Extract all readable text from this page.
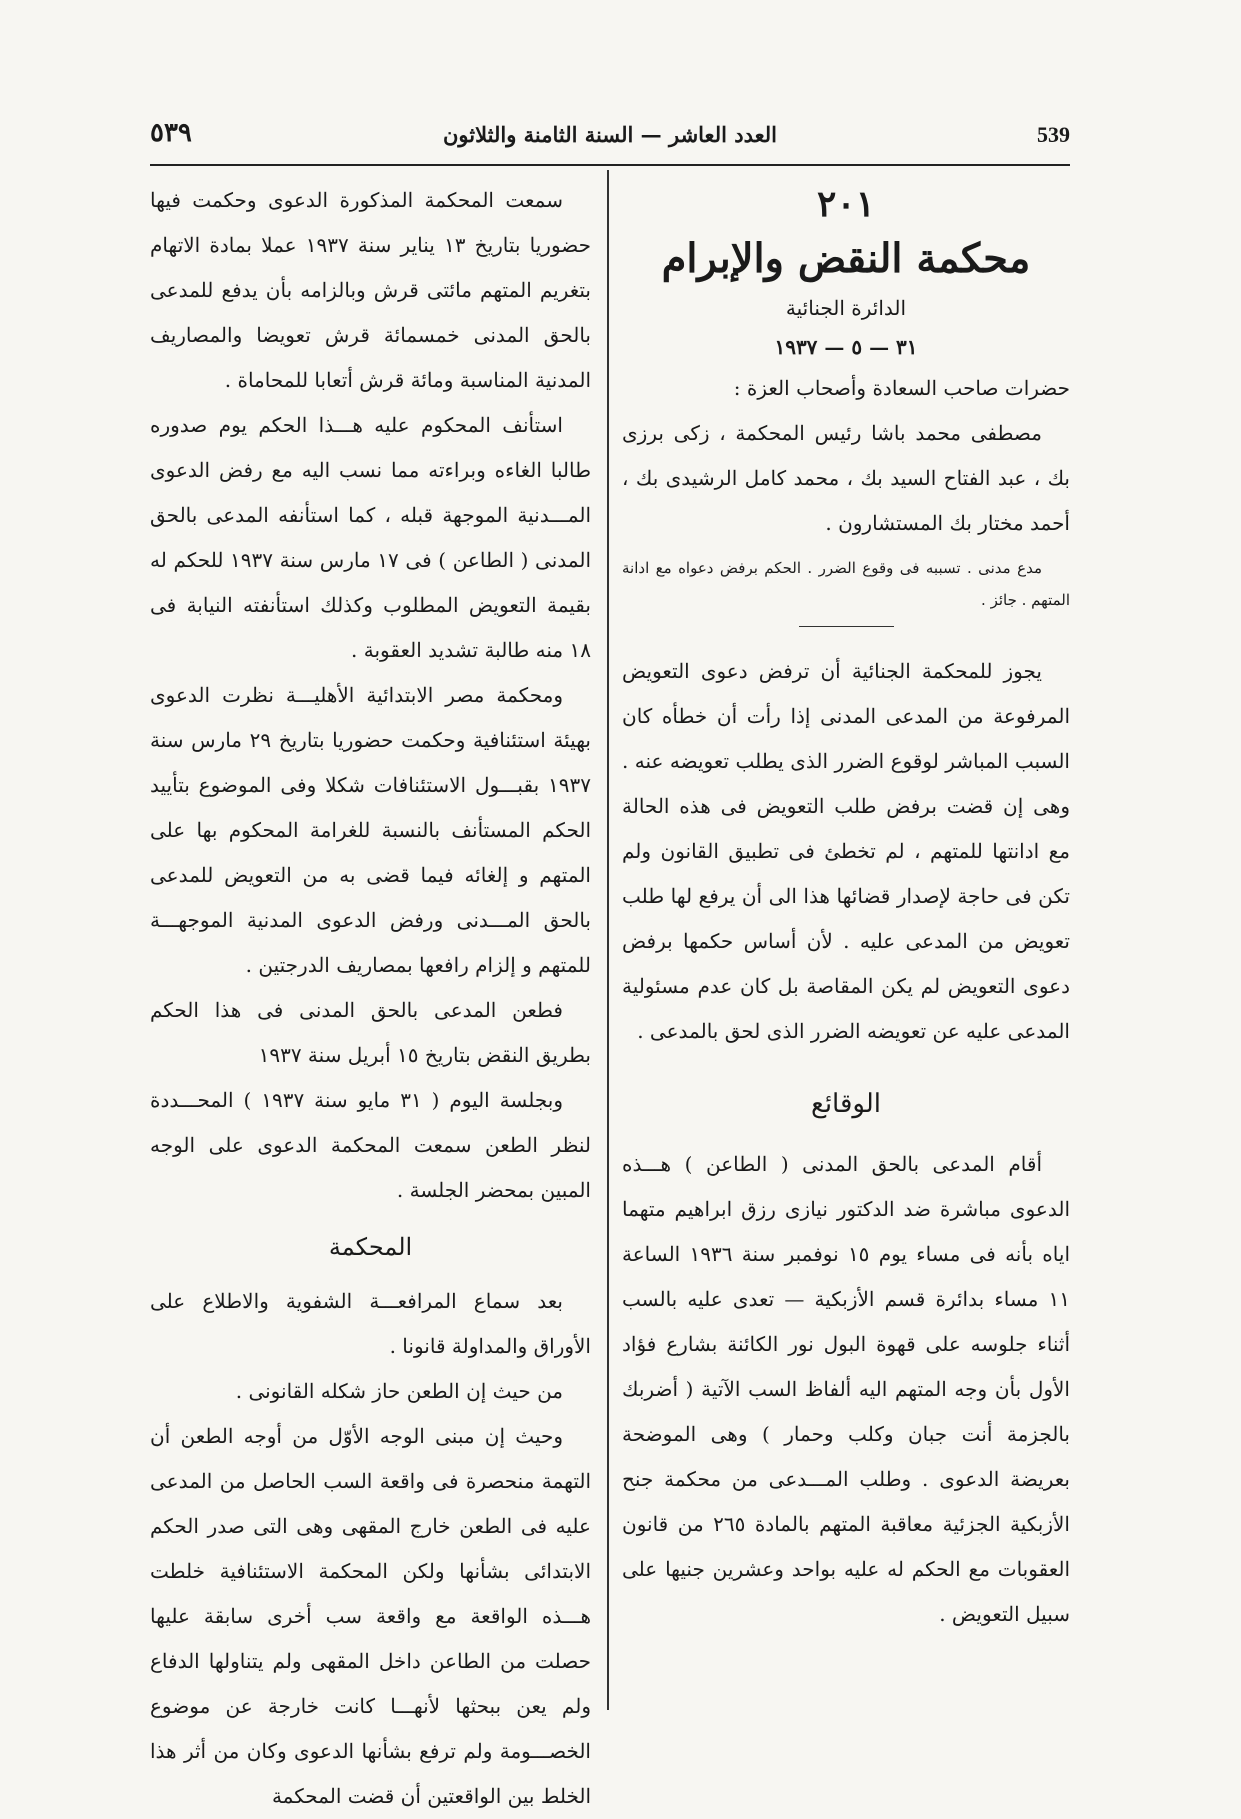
٥٣٩	العدد العاشر — السنة الثامنة والثلاثون	539

٢٠١

محكمة النقض والإبرام

الدائرة الجنائية

٣١ — ٥ — ١٩٣٧

حضرات صاحب السعادة وأصحاب العزة :

مصطفى محمد باشا رئيس المحكمة ، زكى برزى بك ، عبد الفتاح السيد بك ، محمد كامل الرشيدى بك ، أحمد مختار بك المستشارون .

مدع مدنى . تسببه فى وقوع الضرر . الحكم برفض دعواه مع ادانة المتهم . جائز .

يجوز للمحكمة الجنائية أن ترفض دعوى التعويض المرفوعة من المدعى المدنى إذا رأت أن خطأه كان السبب المباشر لوقوع الضرر الذى يطلب تعويضه عنه . وهى إن قضت برفض طلب التعويض فى هذه الحالة مع ادانتها للمتهم ، لم تخطئ فى تطبيق القانون ولم تكن فى حاجة لإصدار قضائها هذا الى أن يرفع لها طلب تعويض من المدعى عليه . لأن أساس حكمها برفض دعوى التعويض لم يكن المقاصة بل كان عدم مسئولية المدعى عليه عن تعويضه الضرر الذى لحق بالمدعى .

الوقائع

أقام المدعى بالحق المدنى ( الطاعن ) هـــذه الدعوى مباشرة ضد الدكتور نيازى رزق ابراهيم متهما اياه بأنه فى مساء يوم ١٥ نوفمبر سنة ١٩٣٦ الساعة ١١ مساء بدائرة قسم الأزبكية — تعدى عليه بالسب أثناء جلوسه على قهوة البول نور الكائنة بشارع فؤاد الأول بأن وجه المتهم اليه ألفاظ السب الآتية ( أضربك بالجزمة أنت جبان وكلب وحمار ) وهى الموضحة بعريضة الدعوى . وطلب المـــدعى من محكمة جنح الأزبكية الجزئية معاقبة المتهم بالمادة ٢٦٥ من قانون العقوبات مع الحكم له عليه بواحد وعشرين جنيها على سبيل التعويض .

سمعت المحكمة المذكورة الدعوى وحكمت فيها حضوريا بتاريخ ١٣ يناير سنة ١٩٣٧ عملا بمادة الاتهام بتغريم المتهم مائتى قرش وبالزامه بأن يدفع للمدعى بالحق المدنى خمسمائة قرش تعويضا والمصاريف المدنية المناسبة ومائة قرش أتعابا للمحاماة .

استأنف المحكوم عليه هـــذا الحكم يوم صدوره طالبا الغاءه وبراءته مما نسب اليه مع رفض الدعوى المـــدنية الموجهة قبله ، كما استأنفه المدعى بالحق المدنى ( الطاعن ) فى ١٧ مارس سنة ١٩٣٧ للحكم له بقيمة التعويض المطلوب وكذلك استأنفته النيابة فى ١٨ منه طالبة تشديد العقوبة .

ومحكمة مصر الابتدائية الأهليـــة نظرت الدعوى بهيئة استئنافية وحكمت حضوريا بتاريخ ٢٩ مارس سنة ١٩٣٧ بقبـــول الاستئنافات شكلا وفى الموضوع بتأييد الحكم المستأنف بالنسبة للغرامة المحكوم بها على المتهم و إلغائه فيما قضى به من التعويض للمدعى بالحق المـــدنى ورفض الدعوى المدنية الموجهـــة للمتهم و إلزام رافعها بمصاريف الدرجتين .

فطعن المدعى بالحق المدنى فى هذا الحكم بطريق النقض بتاريخ ١٥ أبريل سنة ١٩٣٧

وبجلسة اليوم ( ٣١ مايو سنة ١٩٣٧ ) المحـــددة لنظر الطعن سمعت المحكمة الدعوى على الوجه المبين بمحضر الجلسة .

المحكمة

بعد سماع المرافعـــة الشفوية والاطلاع على الأوراق والمداولة قانونا .

من حيث إن الطعن حاز شكله القانونى .

وحيث إن مبنى الوجه الأوّل من أوجه الطعن أن التهمة منحصرة فى واقعة السب الحاصل من المدعى عليه فى الطعن خارج المقهى وهى التى صدر الحكم الابتدائى بشأنها ولكن المحكمة الاستئنافية خلطت هـــذه الواقعة مع واقعة سب أخرى سابقة عليها حصلت من الطاعن داخل المقهى ولم يتناولها الدفاع ولم يعن ببحثها لأنهـــا كانت خارجة عن موضوع الخصـــومة ولم ترفع بشأنها الدعوى وكان من أثر هذا الخلط بين الواقعتين أن قضت المحكمة
